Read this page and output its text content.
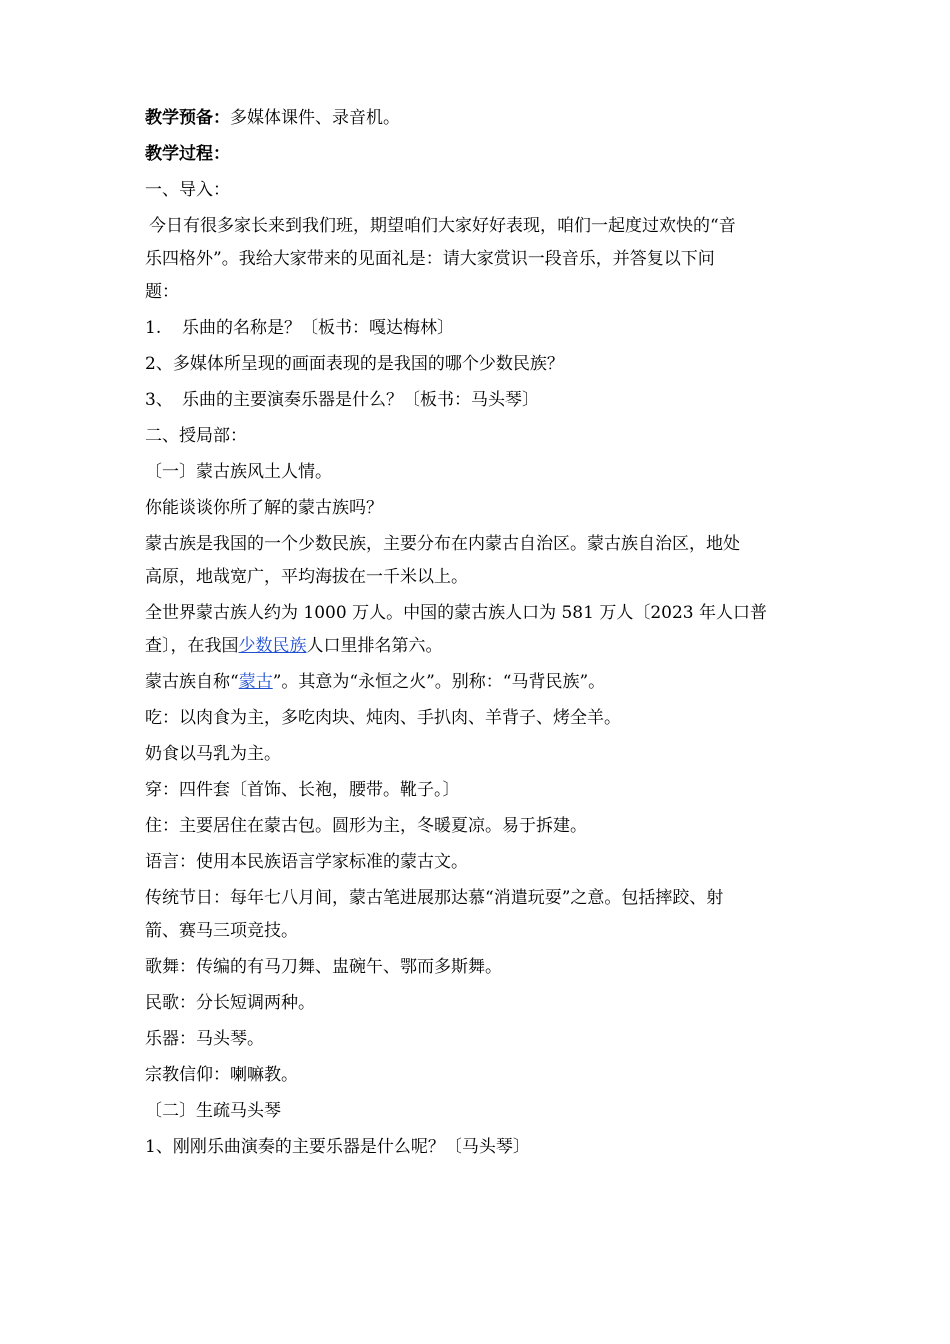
教学预备：多媒体课件、录音机。
教学过程：
一、导入：
今日有很多家长来到我们班，期望咱们大家好好表现，咱们一起度过欢快的“音
乐四格外”。我给大家带来的见面礼是：请大家赏识一段音乐，并答复以下问
题：
1. 乐曲的名称是？〔板书：嘎达梅林〕
2、多媒体所呈现的画面表现的是我国的哪个少数民族？
3、 乐曲的主要演奏乐器是什么？〔板书：马头琴〕
二、授局部：
〔一〕蒙古族风土人情。
你能谈谈你所了解的蒙古族吗？
蒙古族是我国的一个少数民族，主要分布在内蒙古自治区。蒙古族自治区，地处
高原，地哉宽广，平均海拔在一千米以上。
全世界蒙古族人约为 1000 万人。中国的蒙古族人口为 581 万人〔2023 年人口普
查〕，在我国少数民族人口里排名第六。
蒙古族自称“蒙古”。其意为“永恒之火”。别称：“马背民族”。
吃：以肉食为主，多吃肉块、炖肉、手扒肉、羊背子、烤全羊。
奶食以马乳为主。
穿：四件套〔首饰、长袍，腰带。靴子。〕
住：主要居住在蒙古包。圆形为主，冬暖夏凉。易于拆建。
语言：使用本民族语言学家标准的蒙古文。
传统节日：每年七八月间，蒙古笔进展那达慕“消遣玩耍”之意。包括摔跤、射
箭、赛马三项竞技。
歌舞：传编的有马刀舞、盅碗午、鄂而多斯舞。
民歌：分长短调两种。
乐器：马头琴。
宗教信仰：喇嘛教。
〔二〕生疏马头琴
1、刚刚乐曲演奏的主要乐器是什么呢？〔马头琴〕
